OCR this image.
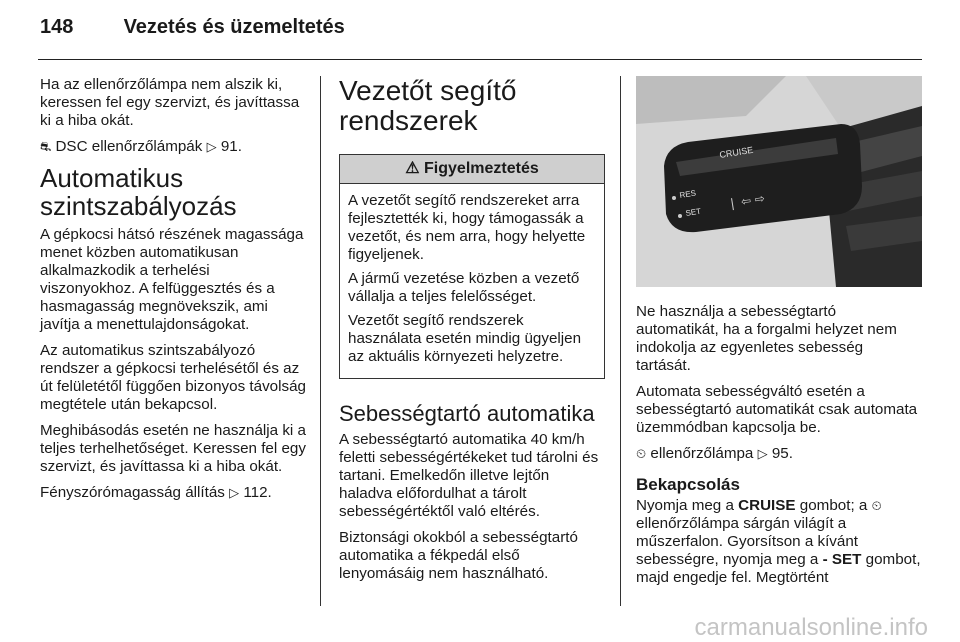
148	Vezetés és üzemeltetés

Ha az ellenőrzőlámpa nem alszik ki, keressen fel egy szervizt, és javíttassa ki a hiba okát.

⛐ DSC ellenőrzőlámpák ▷ 91.

Automatikus szintszabályozás

A gépkocsi hátsó részének magassága menet közben automatikusan alkalmazkodik a terhelési viszonyokhoz. A felfüggesztés és a hasmagasság megnövekszik, ami javítja a menettulajdonságokat.

Az automatikus szintszabályozó rendszer a gépkocsi terhelésétől és az út felületétől függően bizonyos távolság megtétele után bekapcsol.

Meghibásodás esetén ne használja ki a teljes terhelhetőséget. Keressen fel egy szervizt, és javíttassa ki a hiba okát.

Fényszórómagasság állítás ▷ 112.

Vezetőt segítő rendszerek
⚠ Figyelmeztetés

A vezetőt segítő rendszereket arra fejlesztették ki, hogy támogassák a vezetőt, és nem arra, hogy helyette figyeljenek.

A jármű vezetése közben a vezető vállalja a teljes felelősséget.

Vezetőt segítő rendszerek használata esetén mindig ügyeljen az aktuális környezeti helyzetre.

Sebességtartó automatika

A sebességtartó automatika 40 km/h feletti sebességértékeket tud tárolni és tartani. Emelkedőn illetve lejtőn haladva előfordulhat a tárolt sebességértéktől való eltérés.

Biztonsági okokból a sebességtartó automatika a fékpedál első lenyomásáig nem használható.

CRUISE
RES
SET
❘ ⇦ ⇨

Ne használja a sebességtartó automatikát, ha a forgalmi helyzet nem indokolja az egyenletes sebesség tartását.

Automata sebességváltó esetén a sebességtartó automatikát csak automata üzemmódban kapcsolja be.

⏲ ellenőrzőlámpa ▷ 95.

Bekapcsolás

Nyomja meg a CRUISE gombot; a ⏲ ellenőrzőlámpa sárgán világít a műszerfalon. Gyorsítson a kívánt sebességre, nyomja meg a - SET gombot, majd engedje fel. Megtörtént

carmanualsonline.info
